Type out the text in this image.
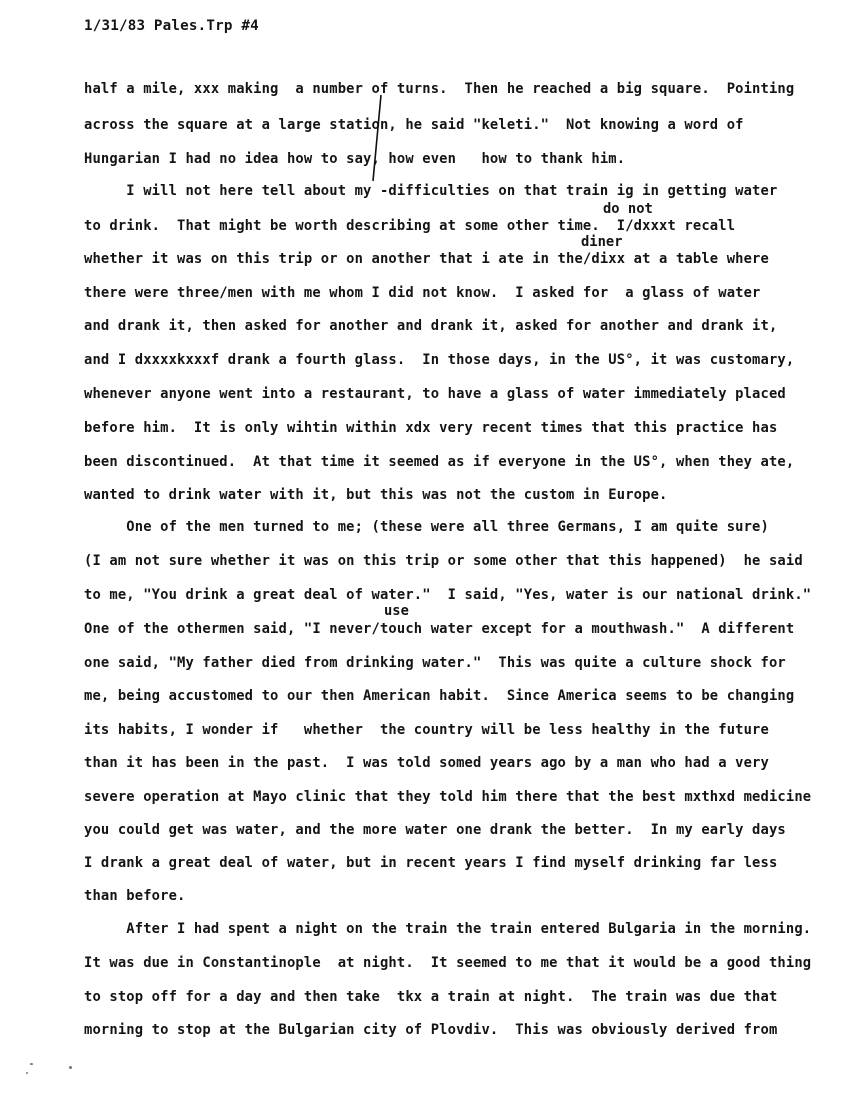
1/31/83 Pales.Trp #4
half a mile, xxx making  a number of turns.  Then he reached a big square.  Pointing
across the square at a large station, he said "keleti."  Not knowing a word of
Hungarian I had no idea how to say, how even   how to thank him.
I will not here tell about my -difficulties on that train ig in getting water
to drink.  That might be worth describing at some other time.  I/dxxxt recall
whether it was on this trip or on another that i ate in the/dixx at a table where
there were three/men with me whom I did not know.  I asked for  a glass of water
and drank it, then asked for another and drank it, asked for another and drank it,
and I dxxxxkxxxf drank a fourth glass.  In those days, in the US°, it was customary,
whenever anyone went into a restaurant, to have a glass of water immediately placed
before him.  It is only wihtin within xdx very recent times that this practice has
been discontinued.  At that time it seemed as if everyone in the US°, when they ate,
wanted to drink water with it, but this was not the custom in Europe.
One of the men turned to me; (these were all three Germans, I am quite sure)
(I am not sure whether it was on this trip or some other that this happened)  he said
to me, "You drink a great deal of water."  I said, "Yes, water is our national drink."
One of the othermen said, "I never/touch water except for a mouthwash."  A different
one said, "My father died from drinking water."  This was quite a culture shock for
me, being accustomed to our then American habit.  Since America seems to be changing
its habits, I wonder if   whether  the country will be less healthy in the future
than it has been in the past.  I was told somed years ago by a man who had a very
severe operation at Mayo clinic that they told him there that the best mxthxd medicine
you could get was water, and the more water one drank the better.  In my early days
I drank a great deal of water, but in recent years I find myself drinking far less
than before.
After I had spent a night on the train the train entered Bulgaria in the morning.
It was due in Constantinople  at night.  It seemed to me that it would be a good thing
to stop off for a day and then take  tkx a train at night.  The train was due that
morning to stop at the Bulgarian city of Plovdiv.  This was obviously derived from
do not
diner
use
